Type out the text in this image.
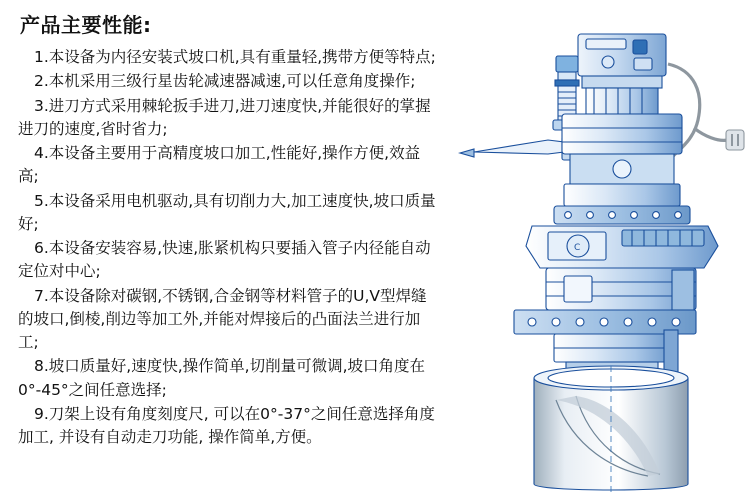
产品主要性能:

1.本设备为内径安装式坡口机,具有重量轻,携带方便等特点;

2.本机采用三级行星齿轮减速器减速,可以任意角度操作;

3.进刀方式采用棘轮扳手进刀,进刀速度快,并能很好的掌握进刀的速度,省时省力;

4.本设备主要用于高精度坡口加工,性能好,操作方便,效益高;

5.本设备采用电机驱动,具有切削力大,加工速度快,坡口质量好;

6.本设备安装容易,快速,胀紧机构只要插入管子内径能自动定位对中心;

7.本设备除对碳钢,不锈钢,合金钢等材料管子的U,V型焊缝的坡口,倒棱,削边等加工外,并能对焊接后的凸面法兰进行加工;

8.坡口质量好,速度快,操作简单,切削量可微调,坡口角度在0°-45°之间任意选择;

9.刀架上设有角度刻度尺, 可以在0°-37°之间任意选择角度加工, 并设有自动走刀功能, 操作简单,方便。

C
